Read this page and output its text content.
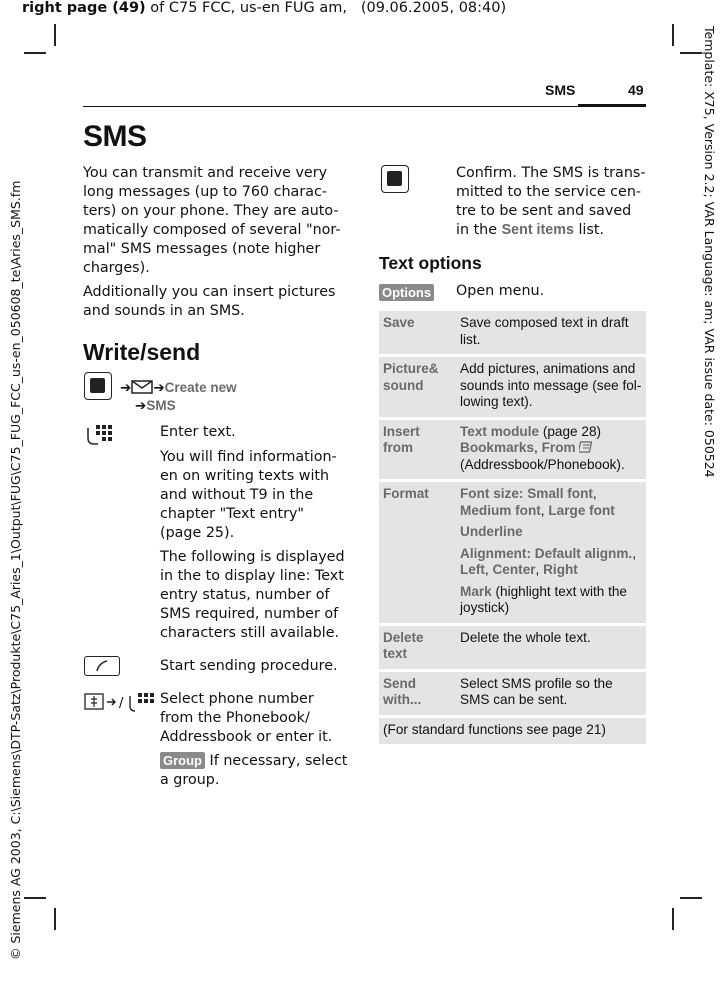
right page (49) of C75 FCC, us-en FUG am, (09.06.2005, 08:40)
© Siemens AG 2003, C:\Siemens\DTP-Satz\Produkte\C75_Aries_1\Output\FUG\C75_FUG_FCC_us-en_050608_te\Aries_SMS.fm	Template: X75, Version 2.2; VAR Language: am; VAR issue date: 050524
SMS	49
SMS
You can transmit and receive very long messages (up to 760 charac-ters) on your phone. They are auto-matically composed of several "nor-mal" SMS messages (note higher charges).
Additionally you can insert pictures and sounds in an SMS.
Write/send
➔ ➔Create new
➔SMS
Enter text.
You will find information-en on writing texts with and without T9 in the chapter "Text entry" (page 25).
The following is displayed in the to display line: Text entry status, number of SMS required, number of characters still available.
Start sending procedure.
/	Select phone number from the Phonebook/ Addressbook or enter it.
Group If necessary, select a group.
Confirm. The SMS is trans-mitted to the service cen-tre to be sent and saved in the Sent items list.
Text options
Options	Open menu.
Save	Save composed text in draft list.
Picture& sound	Add pictures, animations and sounds into message (see fol-lowing text).
Insert from	Text module (page 28)
Bookmarks, From
(Addressbook/Phonebook).
Format	Font size: Small font, Medium font, Large font

Underline

Alignment: Default alignm., Left, Center, Right

Mark (highlight text with the joystick)

Delete text	Delete the whole text.
Send with...	Select SMS profile so the SMS can be sent.
(For standard functions see page 21)	
